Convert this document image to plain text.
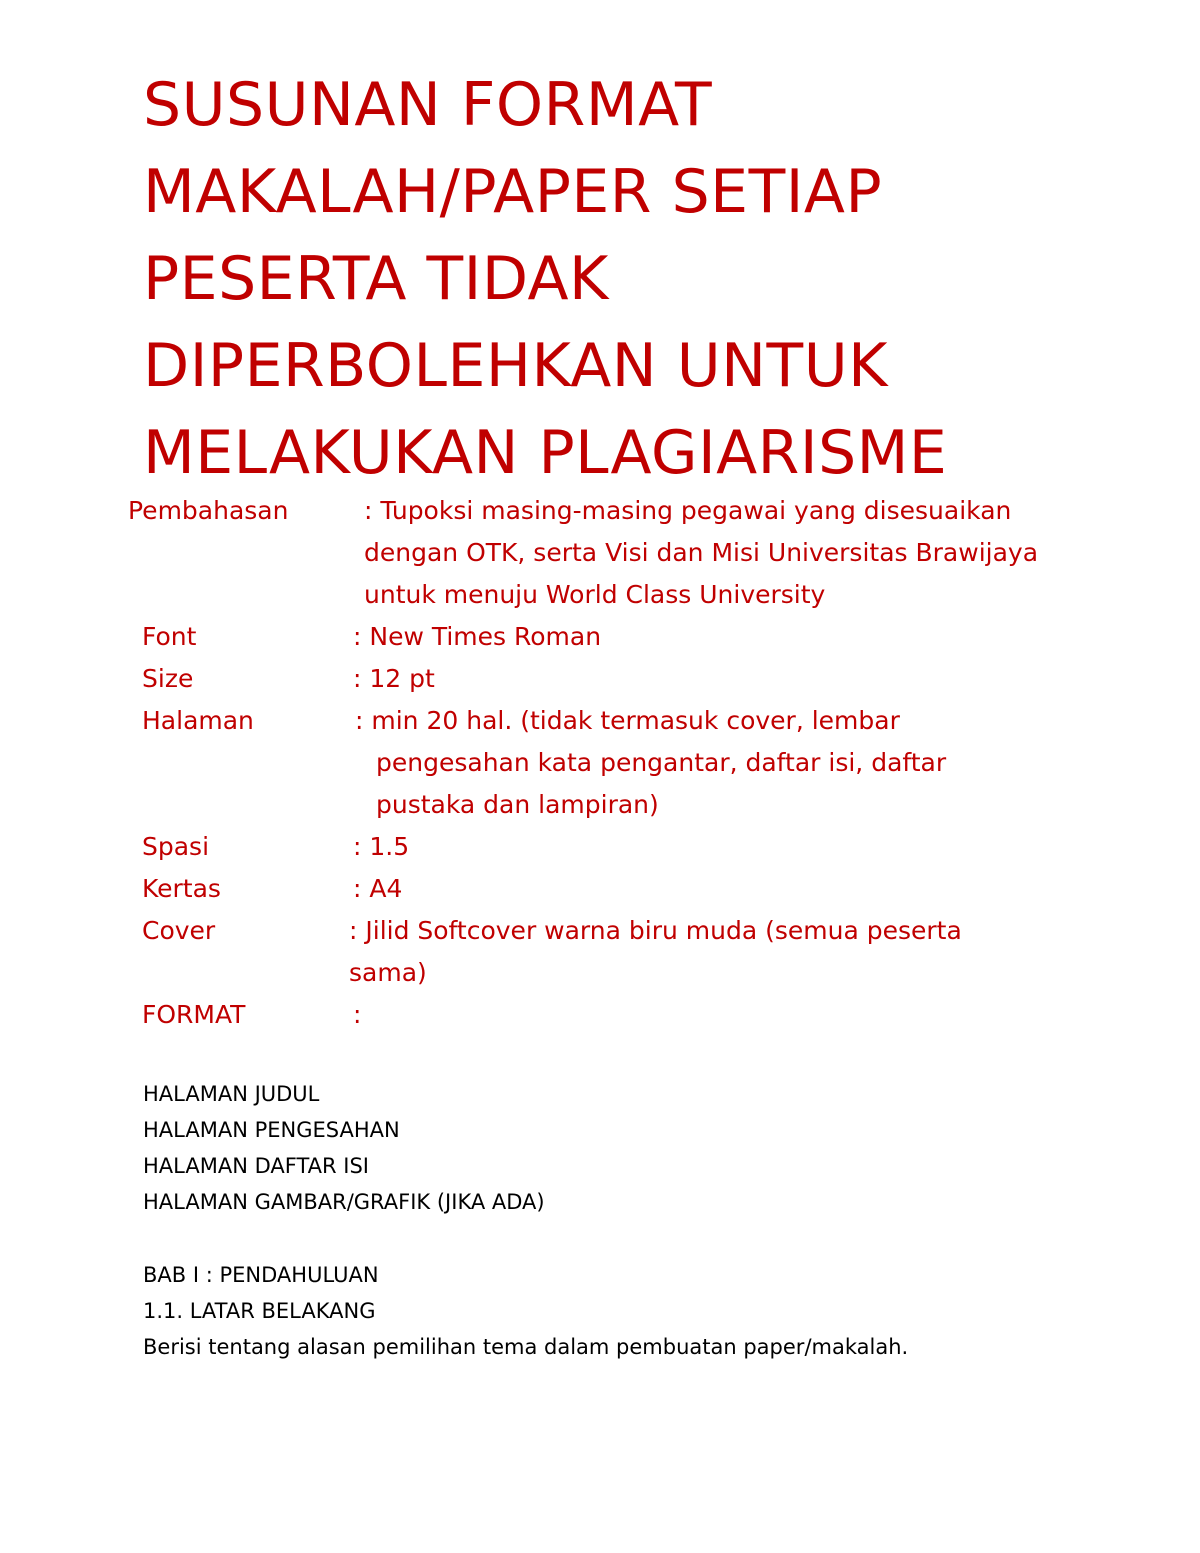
SUSUNAN FORMAT
MAKALAH/PAPER SETIAP
PESERTA TIDAK
DIPERBOLEHKAN UNTUK
MELAKUKAN PLAGIARISME
Pembahasan	: Tupoksi masing-masing pegawai yang disesuaikan
dengan OTK, serta Visi dan Misi Universitas Brawijaya
untuk menuju World Class University
Font	: New Times Roman
Size	: 12 pt
Halaman	: min 20 hal. (tidak termasuk cover, lembar
pengesahan kata pengantar, daftar isi, daftar
pustaka dan lampiran)
Spasi	: 1.5
Kertas	: A4
Cover	: Jilid Softcover warna biru muda (semua peserta
sama)
FORMAT	:
HALAMAN JUDUL
HALAMAN PENGESAHAN
HALAMAN DAFTAR ISI
HALAMAN GAMBAR/GRAFIK (JIKA ADA)
BAB I : PENDAHULUAN
1.1. LATAR BELAKANG
Berisi tentang alasan pemilihan tema dalam pembuatan paper/makalah.
